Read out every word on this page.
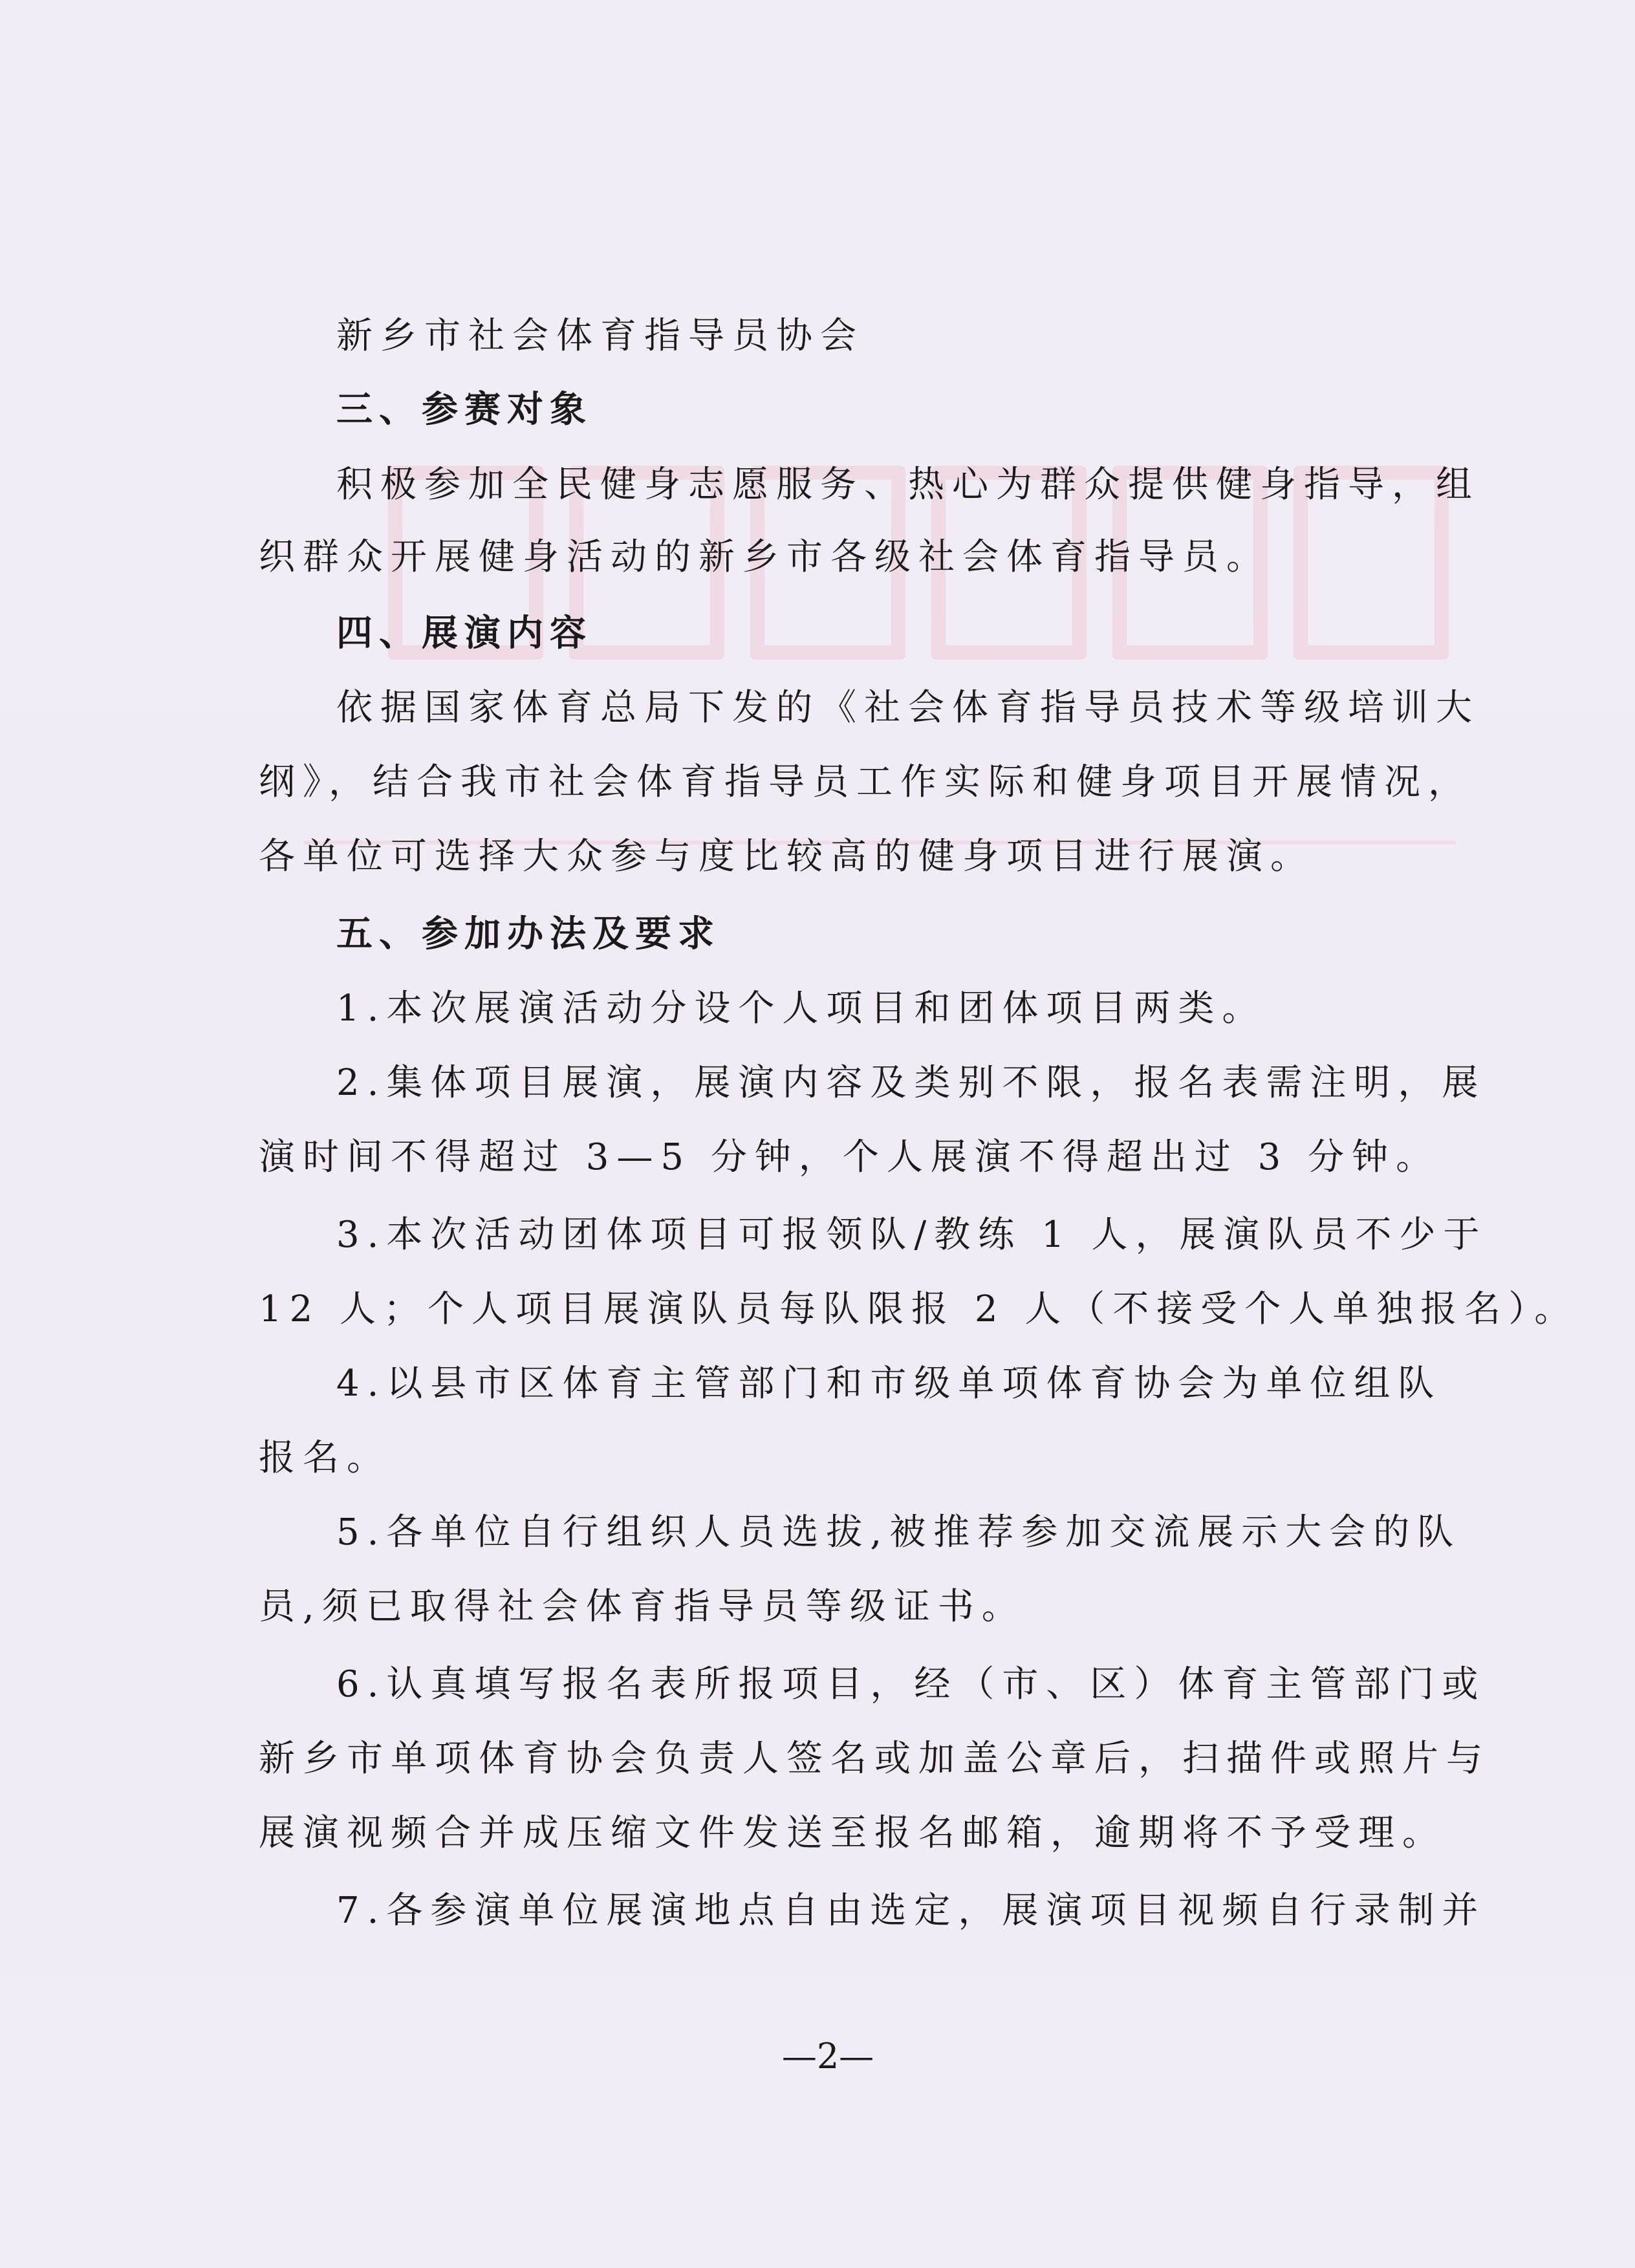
新乡市社会体育指导员协会
三、参赛对象
积极参加全民健身志愿服务、热心为群众提供健身指导，组
织群众开展健身活动的新乡市各级社会体育指导员。
四、展演内容
依据国家体育总局下发的《社会体育指导员技术等级培训大
纲》，结合我市社会体育指导员工作实际和健身项目开展情况，
各单位可选择大众参与度比较高的健身项目进行展演。
五、参加办法及要求
1.本次展演活动分设个人项目和团体项目两类。
2.集体项目展演，展演内容及类别不限，报名表需注明，展
演时间不得超过 3—5 分钟，个人展演不得超出过 3 分钟。
3.本次活动团体项目可报领队/教练 1 人，展演队员不少于
12 人；个人项目展演队员每队限报 2 人（不接受个人单独报名）。
4.以县市区体育主管部门和市级单项体育协会为单位组队
报名。
5.各单位自行组织人员选拔,被推荐参加交流展示大会的队
员,须已取得社会体育指导员等级证书。
6.认真填写报名表所报项目，经（市、区）体育主管部门或
新乡市单项体育协会负责人签名或加盖公章后，扫描件或照片与
展演视频合并成压缩文件发送至报名邮箱，逾期将不予受理。
7.各参演单位展演地点自由选定，展演项目视频自行录制并
—2—
